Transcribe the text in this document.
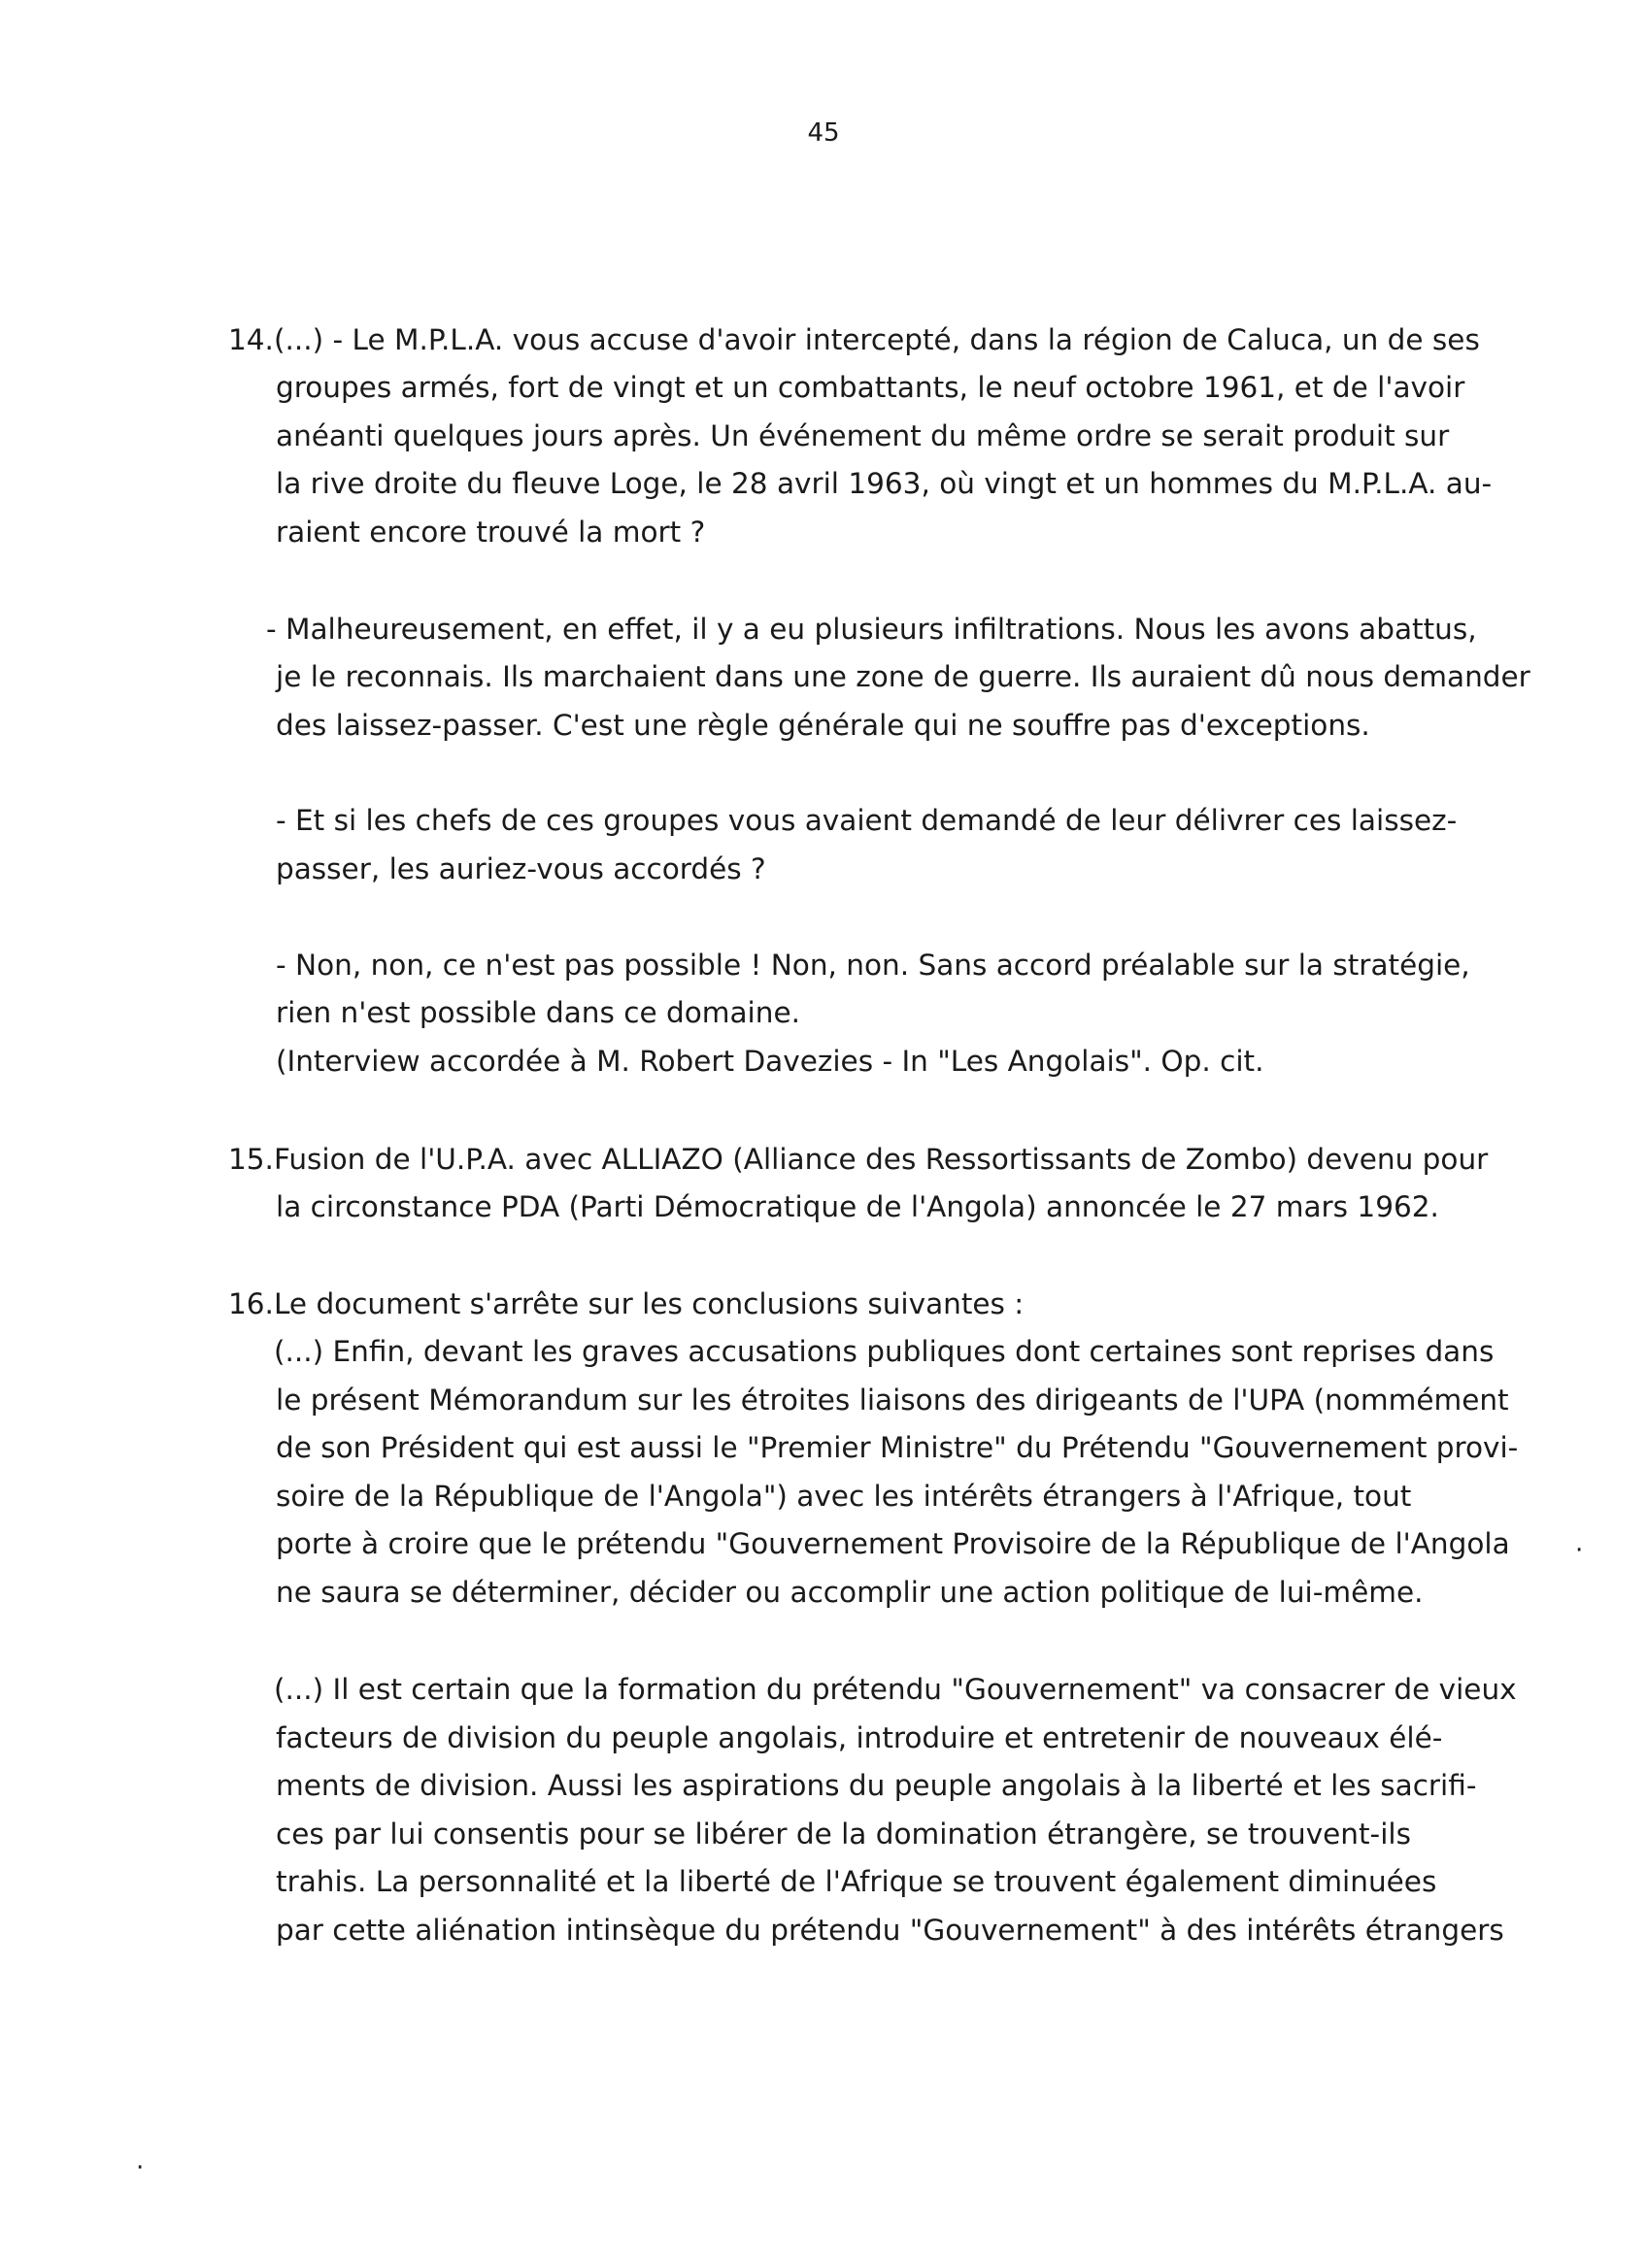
45
14. (...) - Le M.P.L.A. vous accuse d'avoir intercepté, dans la région de Caluca, un de ses
groupes armés, fort de vingt et un combattants, le neuf octobre 1961, et de l'avoir
anéanti quelques jours après. Un événement du même ordre se serait produit sur
la rive droite du fleuve Loge, le 28 avril 1963, où vingt et un hommes du M.P.L.A. au-
raient encore trouvé la mort ?
- Malheureusement, en effet, il y a eu plusieurs infiltrations. Nous les avons abattus,
je le reconnais. Ils marchaient dans une zone de guerre. Ils auraient dû nous demander
des laissez-passer. C'est une règle générale qui ne souffre pas d'exceptions.
- Et si les chefs de ces groupes vous avaient demandé de leur délivrer ces laissez-
passer, les auriez-vous accordés ?
- Non, non, ce n'est pas possible ! Non, non. Sans accord préalable sur la stratégie,
rien n'est possible dans ce domaine.
(Interview accordée à M. Robert Davezies - In "Les Angolais". Op. cit.
15. Fusion de l'U.P.A. avec ALLIAZO (Alliance des Ressortissants de Zombo) devenu pour
la circonstance PDA (Parti Démocratique de l'Angola) annoncée le 27 mars 1962.
16. Le document s'arrête sur les conclusions suivantes :
(...) Enfin, devant les graves accusations publiques dont certaines sont reprises dans
le présent Mémorandum sur les étroites liaisons des dirigeants de l'UPA (nommément
de son Président qui est aussi le "Premier Ministre" du Prétendu "Gouvernement provi-
soire de la République de l'Angola") avec les intérêts étrangers à l'Afrique, tout
porte à croire que le prétendu "Gouvernement Provisoire de la République de l'Angola
ne saura se déterminer, décider ou accomplir une action politique de lui-même.
(...) Il est certain que la formation du prétendu "Gouvernement" va consacrer de vieux
facteurs de division du peuple angolais, introduire et entretenir de nouveaux élé-
ments de division. Aussi les aspirations du peuple angolais à la liberté et les sacrifi-
ces par lui consentis pour se libérer de la domination étrangère, se trouvent-ils
trahis. La personnalité et la liberté de l'Afrique se trouvent également diminuées
par cette aliénation intinsèque du prétendu "Gouvernement" à des intérêts étrangers
·
·
